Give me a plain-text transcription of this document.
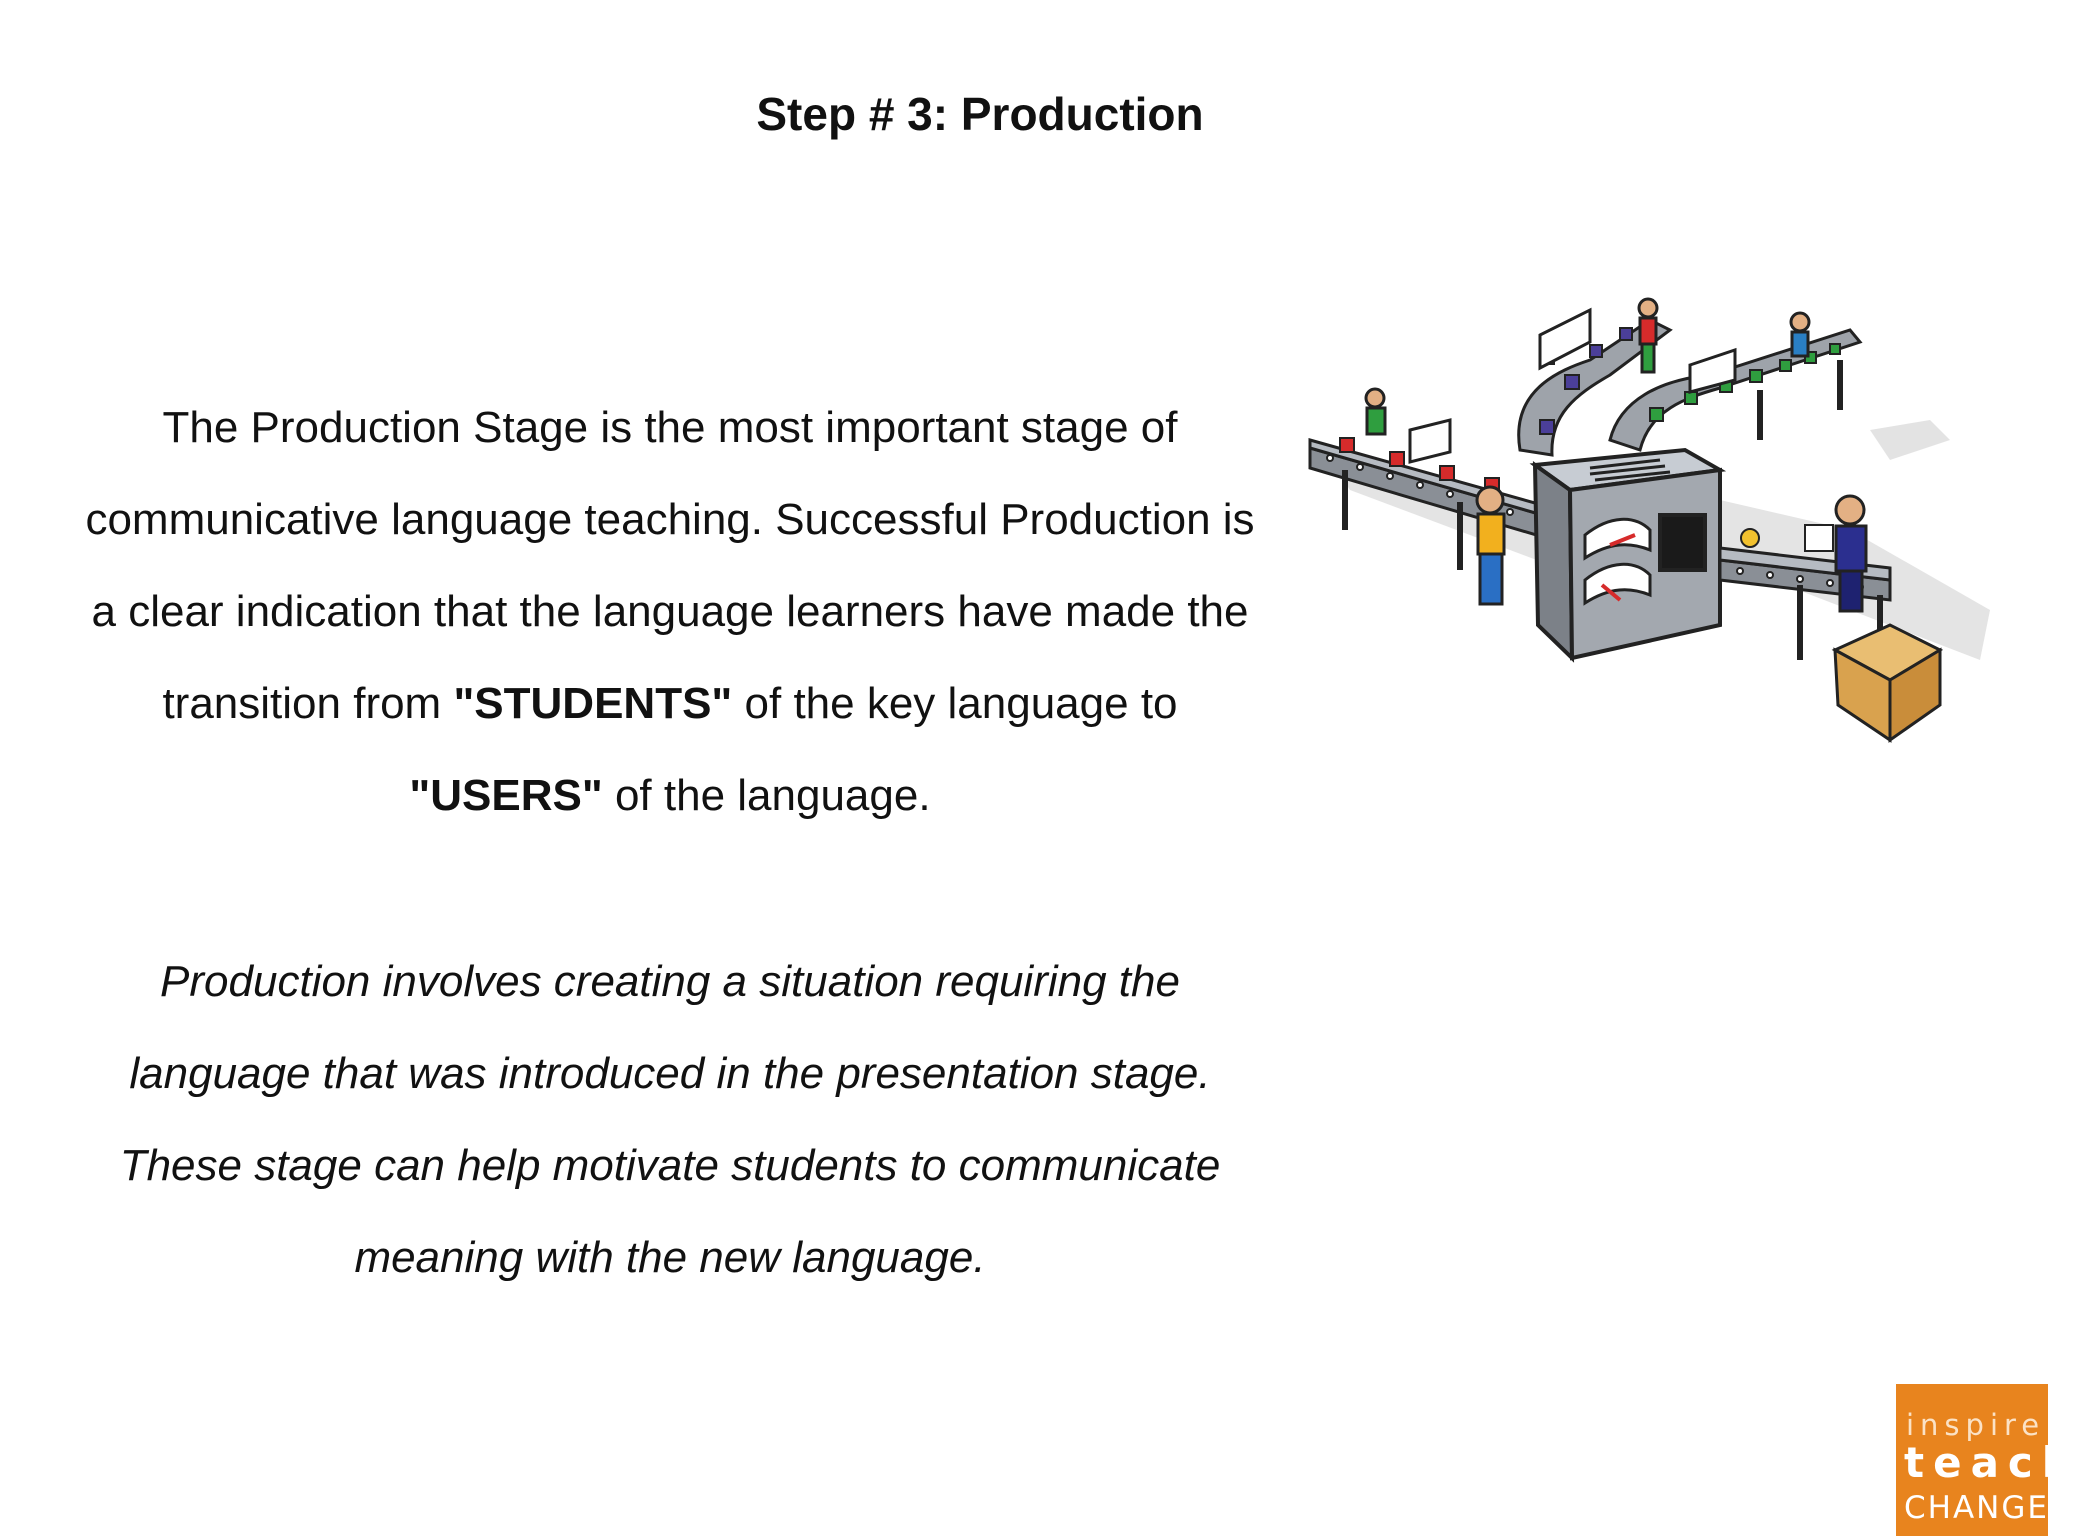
Step # 3: Production
The Production Stage is the most important stage of communicative language teaching. Successful Production is a clear indication that the language learners have made the transition from "STUDENTS" of the key language to "USERS" of the language.
Production involves creating a situation requiring the language that was introduced in the presentation stage. These stage can help motivate students to communicate meaning with the new language.
inspire
teach
CHANGE
